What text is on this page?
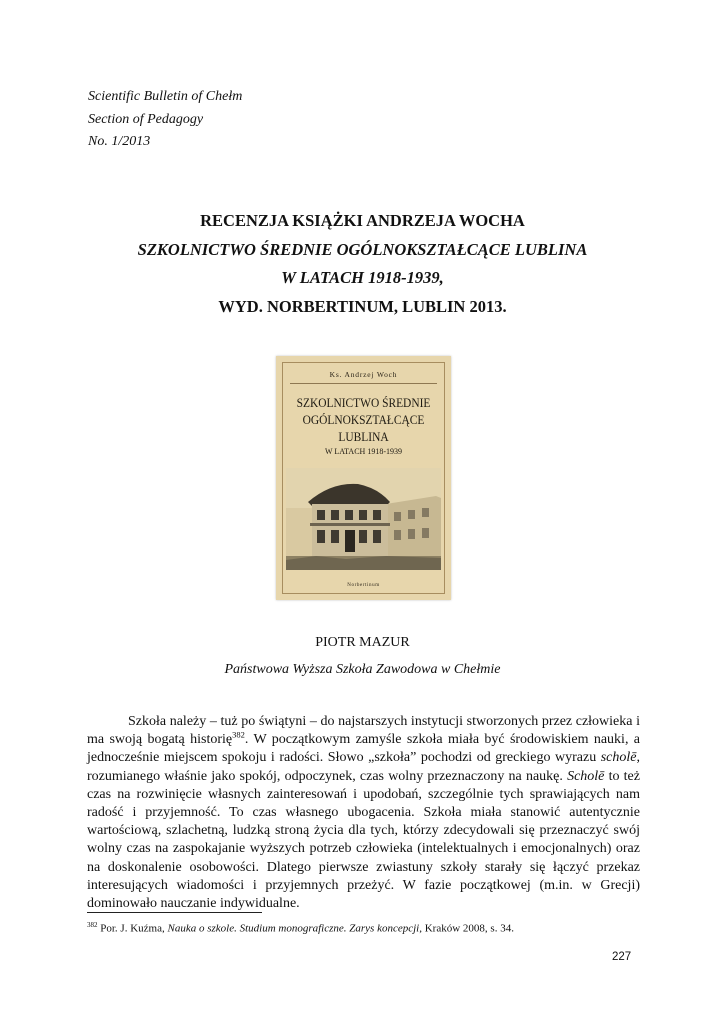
Scientific Bulletin of Chełm
Section of Pedagogy
No. 1/2013
RECENZJA KSIĄŻKI ANDRZEJA WOCHA
SZKOLNICTWO ŚREDNIE OGÓLNOKSZTAŁCĄCE LUBLINA
W LATACH 1918-1939,
WYD. NORBERTINUM, LUBLIN 2013.
Ks. Andrzej Woch
SZKOLNICTWO ŚREDNIE
OGÓLNOKSZTAŁCĄCE
LUBLINA
W LATACH 1918-1939
Norbertinum
PIOTR MAZUR
Państwowa Wyższa Szkoła Zawodowa w Chełmie

Szkoła należy – tuż po świątyni – do najstarszych instytucji stworzonych przez człowieka i ma swoją bogatą historię$^{382}$. W początkowym zamyśle szkoła miała być środowiskiem nauki, a jednocześnie miejscem spokoju i radości. Słowo „szkoła” pochodzi od greckiego wyrazu scholē, rozumianego właśnie jako spokój, odpoczynek, czas wolny przeznaczony na naukę. Scholē to też czas na rozwinięcie własnych zainteresowań i upodobań, szczególnie tych sprawiających nam radość i przyjemność. To czas własnego ubogacenia. Szkoła miała stanowić autentycznie wartościową, szlachetną, ludzką stroną życia dla tych, którzy zdecydowali się przeznaczyć swój wolny czas na zaspokajanie wyższych potrzeb człowieka (intelektualnych i emocjonalnych) oraz na doskonalenie osobowości. Dlatego pierwsze zwiastuny szkoły starały się łączyć przekaz interesujących wiadomości i przyjemnych przeżyć. W fazie początkowej (m.in. w Grecji) dominowało nauczanie indywidualne.

$^{382}$ Por. J. Kuźma, Nauka o szkole. Studium monograficzne. Zarys koncepcji, Kraków 2008, s. 34.
227
